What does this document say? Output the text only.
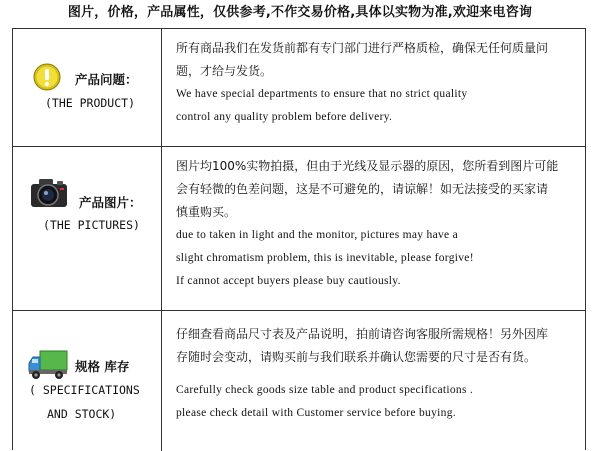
图片，价格，产品属性，仅供参考,不作交易价格,具体以实物为准,欢迎来电咨询
产品问题：
(THE PRODUCT)
所有商品我们在发货前都有专门部门进行严格质检，确保无任何质量问
题，才给与发货。
We have special departments to ensure that no strict quality
control any quality problem before delivery.
产品图片：
(THE PICTURES)
图片均100%实物拍摄，但由于光线及显示器的原因，您所看到图片可能
会有轻微的色差问题，这是不可避免的，请谅解！如无法接受的买家请
慎重购买。
due to taken in light and the monitor, pictures may have a
slight chromatism problem, this is inevitable, please forgive!
If cannot accept buyers please buy cautiously.
规格 库存
( SPECIFICATIONS
AND STOCK)
仔细查看商品尺寸表及产品说明，拍前请咨询客服所需规格！另外因库
存随时会变动，请购买前与我们联系并确认您需要的尺寸是否有货。
Carefully check goods size table and product specifications .
please check detail with Customer service before buying.
